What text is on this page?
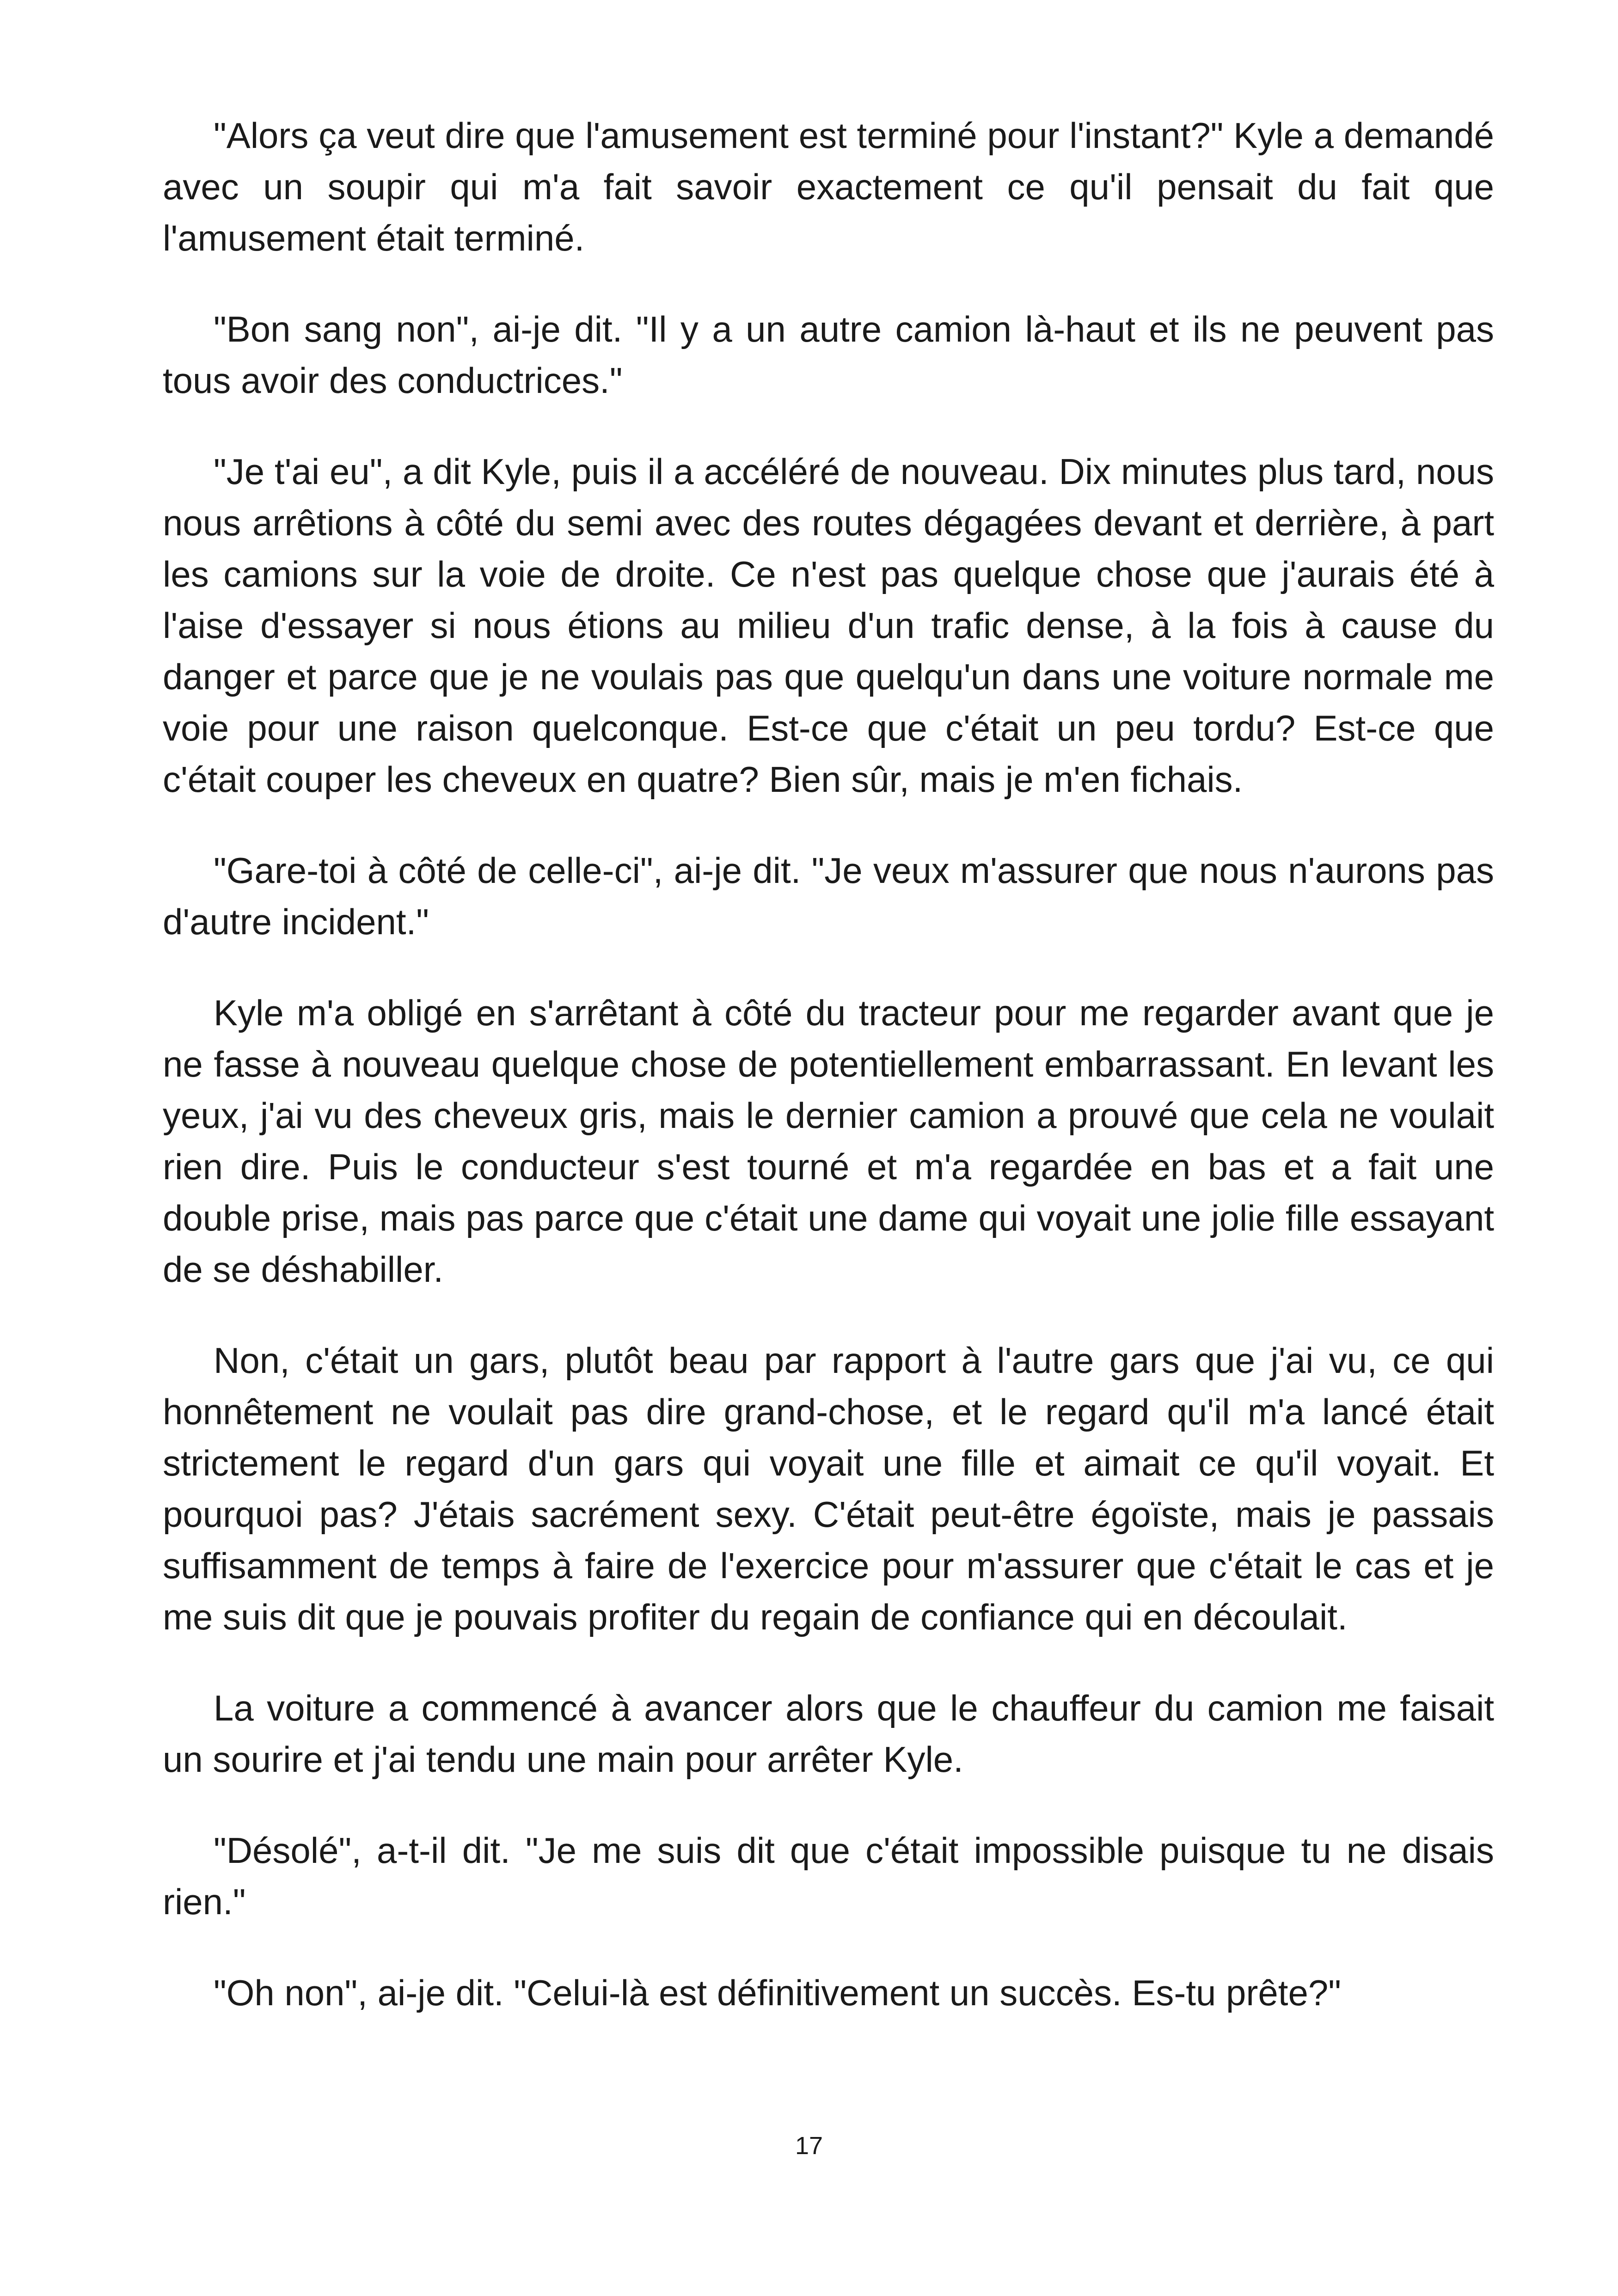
"Alors ça veut dire que l'amusement est terminé pour l'instant?" Kyle a demandé avec un soupir qui m'a fait savoir exactement ce qu'il pensait du fait que l'amusement était terminé.

"Bon sang non", ai-je dit. "Il y a un autre camion là-haut et ils ne peuvent pas tous avoir des conductrices."

"Je t'ai eu", a dit Kyle, puis il a accéléré de nouveau. Dix minutes plus tard, nous nous arrêtions à côté du semi avec des routes dégagées devant et derrière, à part les camions sur la voie de droite. Ce n'est pas quelque chose que j'aurais été à l'aise d'essayer si nous étions au milieu d'un trafic dense, à la fois à cause du danger et parce que je ne voulais pas que quelqu'un dans une voiture normale me voie pour une raison quelconque. Est-ce que c'était un peu tordu? Est-ce que c'était couper les cheveux en quatre? Bien sûr, mais je m'en fichais.

"Gare-toi à côté de celle-ci", ai-je dit. "Je veux m'assurer que nous n'aurons pas d'autre incident."

Kyle m'a obligé en s'arrêtant à côté du tracteur pour me regarder avant que je ne fasse à nouveau quelque chose de potentiellement embarrassant. En levant les yeux, j'ai vu des cheveux gris, mais le dernier camion a prouvé que cela ne voulait rien dire. Puis le conducteur s'est tourné et m'a regardée en bas et a fait une double prise, mais pas parce que c'était une dame qui voyait une jolie fille essayant de se déshabiller.

Non, c'était un gars, plutôt beau par rapport à l'autre gars que j'ai vu, ce qui honnêtement ne voulait pas dire grand-chose, et le regard qu'il m'a lancé était strictement le regard d'un gars qui voyait une fille et aimait ce qu'il voyait. Et pourquoi pas? J'étais sacrément sexy. C'était peut-être égoïste, mais je passais suffisamment de temps à faire de l'exercice pour m'assurer que c'était le cas et je me suis dit que je pouvais profiter du regain de confiance qui en découlait.

La voiture a commencé à avancer alors que le chauffeur du camion me faisait un sourire et j'ai tendu une main pour arrêter Kyle.

"Désolé", a-t-il dit. "Je me suis dit que c'était impossible puisque tu ne disais rien."

"Oh non", ai-je dit. "Celui-là est définitivement un succès. Es-tu prête?"

17
